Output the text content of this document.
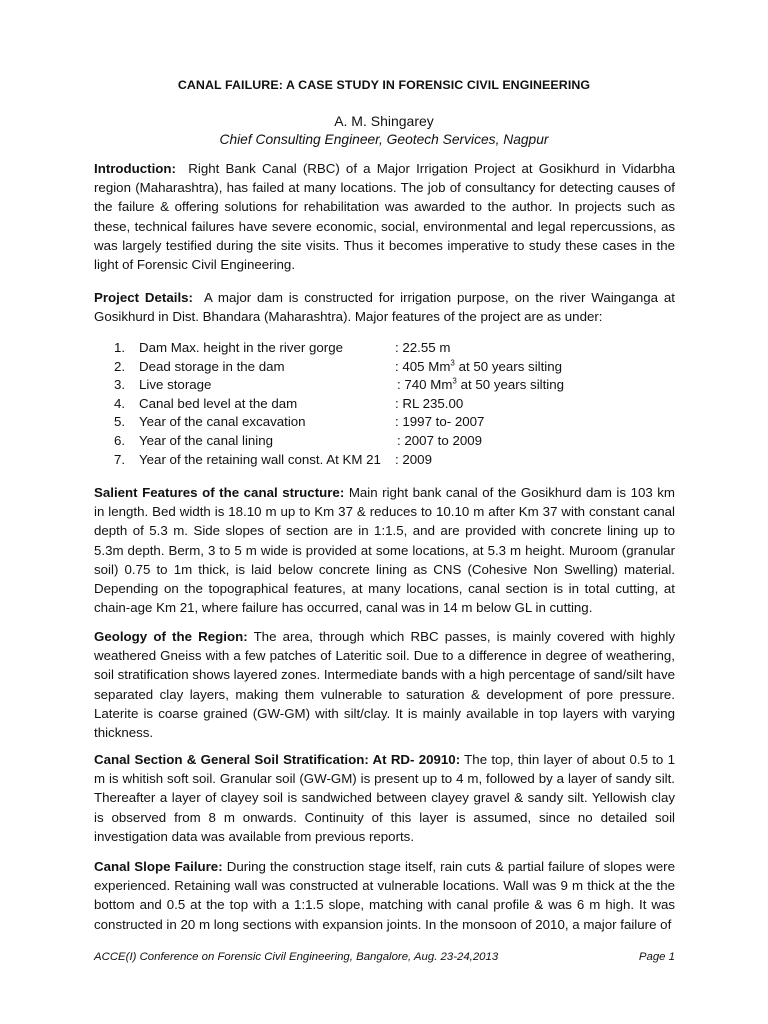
CANAL FAILURE: A CASE STUDY IN FORENSIC CIVIL ENGINEERING
A. M. Shingarey
Chief Consulting Engineer, Geotech Services, Nagpur

Introduction: Right Bank Canal (RBC) of a Major Irrigation Project at Gosikhurd in Vidarbha region (Maharashtra), has failed at many locations. The job of consultancy for detecting causes of the failure & offering solutions for rehabilitation was awarded to the author. In projects such as these, technical failures have severe economic, social, environmental and legal repercussions, as was largely testified during the site visits. Thus it becomes imperative to study these cases in the light of Forensic Civil Engineering.

Project Details: A major dam is constructed for irrigation purpose, on the river Wainganga at Gosikhurd in Dist. Bhandara (Maharashtra). Major features of the project are as under:

1. Dam Max. height in the river gorge	: 22.55 m
2. Dead storage in the dam	: 405 Mm$^3$ at 50 years silting
3. Live storage	: 740 Mm$^3$ at 50 years silting
4. Canal bed level at the dam	: RL 235.00
5. Year of the canal excavation	: 1997 to- 2007
6. Year of the canal lining	: 2007 to 2009
7. Year of the retaining wall const. At KM 21 : 2009

Salient Features of the canal structure: Main right bank canal of the Gosikhurd dam is 103 km in length. Bed width is 18.10 m up to Km 37 & reduces to 10.10 m after Km 37 with constant canal depth of 5.3 m. Side slopes of section are in 1:1.5, and are provided with concrete lining up to 5.3m depth. Berm, 3 to 5 m wide is provided at some locations, at 5.3 m height. Muroom (granular soil) 0.75 to 1m thick, is laid below concrete lining as CNS (Cohesive Non Swelling) material. Depending on the topographical features, at many locations, canal section is in total cutting, at chain-age Km 21, where failure has occurred, canal was in 14 m below GL in cutting.

Geology of the Region: The area, through which RBC passes, is mainly covered with highly weathered Gneiss with a few patches of Lateritic soil. Due to a difference in degree of weathering, soil stratification shows layered zones. Intermediate bands with a high percentage of sand/silt have separated clay layers, making them vulnerable to saturation & development of pore pressure. Laterite is coarse grained (GW-GM) with silt/clay. It is mainly available in top layers with varying thickness.

Canal Section & General Soil Stratification: At RD- 20910: The top, thin layer of about 0.5 to 1 m is whitish soft soil. Granular soil (GW-GM) is present up to 4 m, followed by a layer of sandy silt. Thereafter a layer of clayey soil is sandwiched between clayey gravel & sandy silt. Yellowish clay is observed from 8 m onwards. Continuity of this layer is assumed, since no detailed soil investigation data was available from previous reports.

Canal Slope Failure: During the construction stage itself, rain cuts & partial failure of slopes were experienced. Retaining wall was constructed at vulnerable locations. Wall was 9 m thick at the the bottom and 0.5 at the top with a 1:1.5 slope, matching with canal profile & was 6 m high. It was constructed in 20 m long sections with expansion joints. In the monsoon of 2010, a major failure of

ACCE(I) Conference on Forensic Civil Engineering, Bangalore, Aug. 23-24,2013	Page 1
